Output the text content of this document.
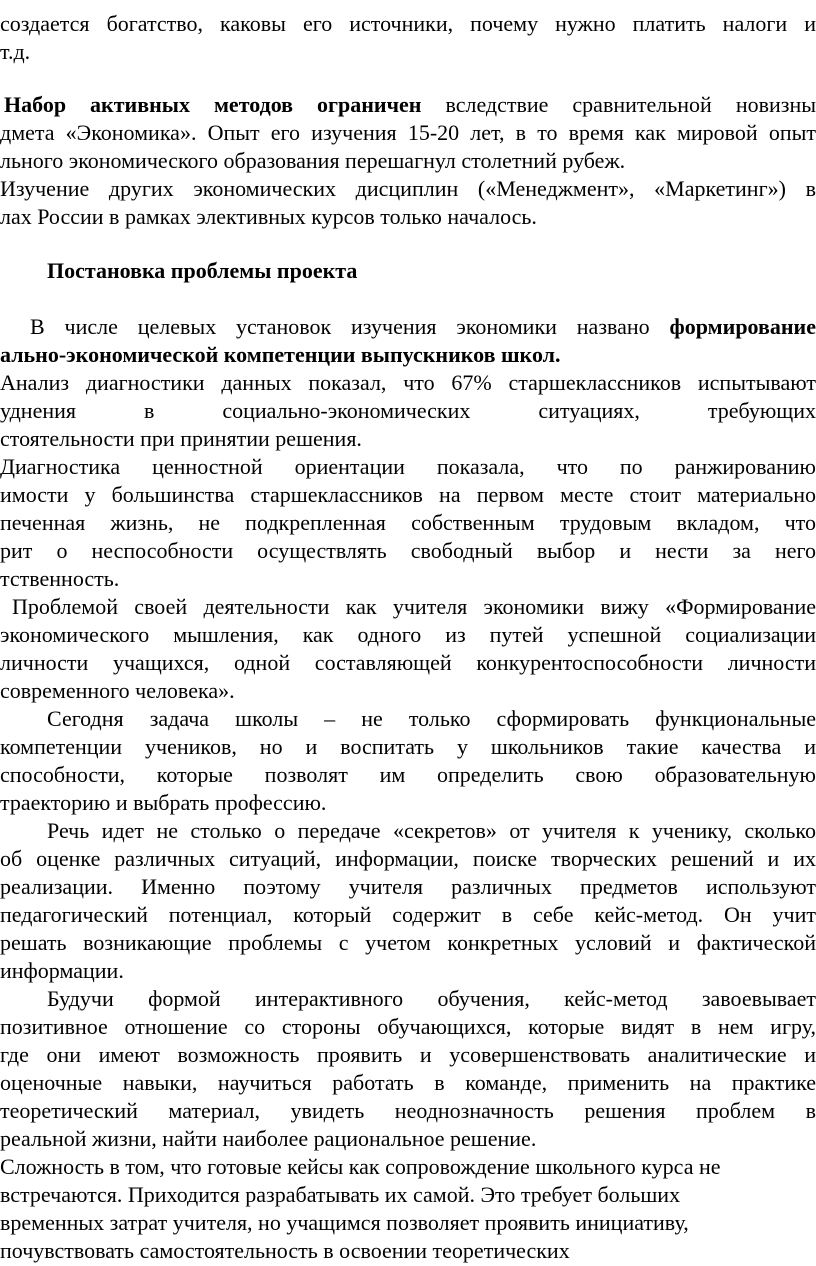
создается богатство, каковы его источники, почему нужно платить налоги и
т.д.
Набор активных методов ограничен вследствие сравнительной новизны
дмета «Экономика». Опыт его изучения 15-20 лет, в то время как мировой опыт
льного экономического образования перешагнул столетний рубеж.
Изучение других экономических дисциплин («Менеджмент», «Маркетинг») в
лах России в рамках элективных курсов только началось.
Постановка проблемы проекта
В числе целевых установок изучения экономики названо формирование
ально-экономической компетенции выпускников школ.
Анализ диагностики данных показал, что 67% старшеклассников испытывают
уднения	в	социально-экономических	ситуациях,	требующих
стоятельности при принятии решения.
Диагностика ценностной ориентации показала, что по ранжированию
имости у большинства старшеклассников на первом месте стоит материально
печенная жизнь, не подкрепленная собственным трудовым вкладом, что
рит о неспособности осуществлять свободный выбор и нести за него
тственность.
Проблемой своей деятельности как учителя экономики вижу «Формирование
экономического мышления, как одного из путей успешной социализации
личности учащихся, одной составляющей конкурентоспособности личности
современного человека».
Сегодня задача школы – не только сформировать функциональные
компетенции учеников, но и воспитать у школьников такие качества и
способности, которые позволят им определить свою образовательную
траекторию и выбрать профессию.
Речь идет не столько о передаче «секретов» от учителя к ученику, сколько
об оценке различных ситуаций, информации, поиске творческих решений и их
реализации. Именно поэтому учителя различных предметов используют
педагогический потенциал, который содержит в себе кейс-метод. Он учит
решать возникающие проблемы с учетом конкретных условий и фактической
информации.
Будучи формой интерактивного обучения, кейс-метод завоевывает
позитивное отношение со стороны обучающихся, которые видят в нем игру,
где они имеют возможность проявить и усовершенствовать аналитические и
оценочные навыки, научиться работать в команде, применить на практике
теоретический материал, увидеть неоднозначность решения проблем в
реальной жизни, найти наиболее рациональное решение.
Сложность в том, что готовые кейсы как сопровождение школьного курса не
встречаются. Приходится разрабатывать их самой. Это требует больших
временных затрат учителя, но учащимся позволяет проявить инициативу,
почувствовать самостоятельность в освоении теоретических
